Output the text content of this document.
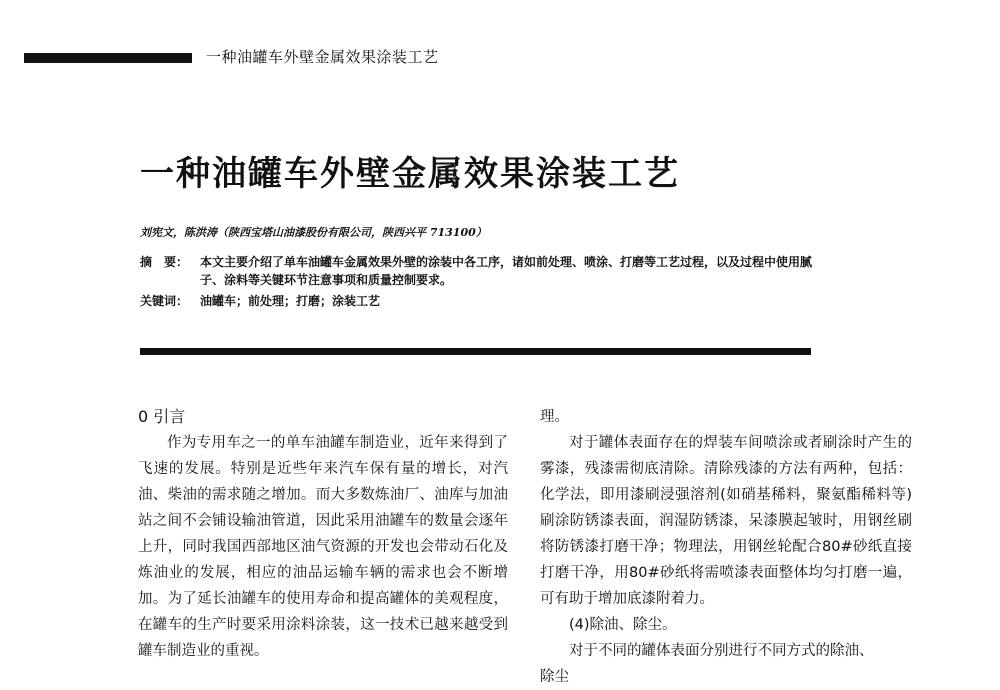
一种油罐车外壁金属效果涂装工艺
一种油罐车外壁金属效果涂装工艺
刘宪文，陈洪涛（陕西宝塔山油漆股份有限公司，陕西兴平 713100）
摘　要： 本文主要介绍了单车油罐车金属效果外壁的涂装中各工序，诸如前处理、喷涂、打磨等工艺过程，以及过程中使用腻子、涂料等关键环节注意事项和质量控制要求。
关键词： 油罐车；前处理；打磨；涂装工艺
0 引言

作为专用车之一的单车油罐车制造业，近年来得到了飞速的发展。特别是近些年来汽车保有量的增长，对汽油、柴油的需求随之增加。而大多数炼油厂、油库与加油站之间不会铺设输油管道，因此采用油罐车的数量会逐年上升，同时我国西部地区油气资源的开发也会带动石化及炼油业的发展，相应的油品运输车辆的需求也会不断增加。为了延长油罐车的使用寿命和提高罐体的美观程度，在罐车的生产时要采用涂料涂装，这一技术已越来越受到罐车制造业的重视。

理。

对于罐体表面存在的焊装车间喷涂或者刷涂时产生的雾漆，残漆需彻底清除。清除残漆的方法有两种，包括：化学法，即用漆刷浸强溶剂(如硝基稀料，聚氨酯稀料等)刷涂防锈漆表面，润湿防锈漆，呆漆膜起皱时，用钢丝刷将防锈漆打磨干净；物理法，用钢丝轮配合80#砂纸直接打磨干净，用80#砂纸将需喷漆表面整体均匀打磨一遍，可有助于增加底漆附着力。

(4)除油、除尘。

对于不同的罐体表面分别进行不同方式的除油、

除尘
